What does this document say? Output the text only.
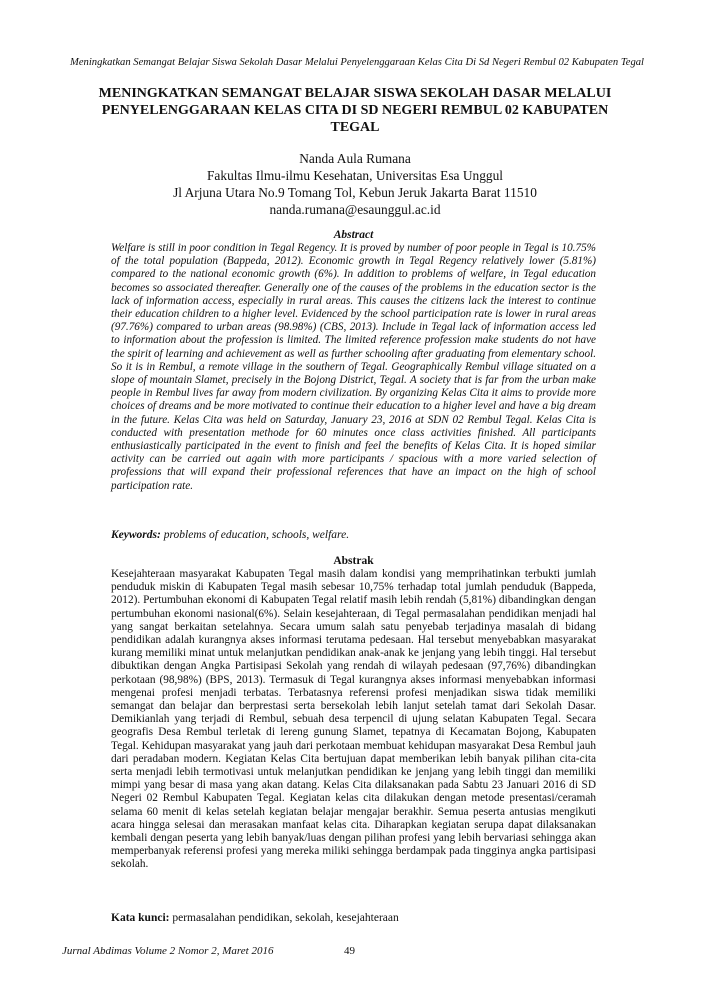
Meningkatkan Semangat Belajar Siswa Sekolah Dasar Melalui Penyelenggaraan Kelas Cita Di Sd Negeri Rembul 02 Kabupaten Tegal
MENINGKATKAN SEMANGAT BELAJAR SISWA SEKOLAH DASAR MELALUI PENYELENGGARAAN KELAS CITA DI SD NEGERI REMBUL 02 KABUPATEN TEGAL
Nanda Aula Rumana
Fakultas Ilmu-ilmu Kesehatan, Universitas Esa Unggul
Jl Arjuna Utara No.9 Tomang Tol, Kebun Jeruk Jakarta Barat 11510
nanda.rumana@esaunggul.ac.id
Abstract

Welfare is still in poor condition in Tegal Regency. It is proved by number of poor people in Tegal is 10.75% of the total population (Bappeda, 2012). Economic growth in Tegal Regency relatively lower (5.81%) compared to the national economic growth (6%). In addition to problems of welfare, in Tegal education becomes so associated thereafter. Generally one of the causes of the problems in the education sector is the lack of information access, especially in rural areas. This causes the citizens lack the interest to continue their education children to a higher level. Evidenced by the school participation rate is lower in rural areas (97.76%) compared to urban areas (98.98%) (CBS, 2013). Include in Tegal lack of information access led to information about the profession is limited. The limited reference profession make students do not have the spirit of learning and achievement as well as further schooling after graduating from elementary school. So it is in Rembul, a remote village in the southern of Tegal. Geographically Rembul village situated on a slope of mountain Slamet, precisely in the Bojong District, Tegal. A society that is far from the urban make people in Rembul lives far away from modern civilization. By organizing Kelas Cita it aims to provide more choices of dreams and be more motivated to continue their education to a higher level and have a big dream in the future. Kelas Cita was held on Saturday, January 23, 2016 at SDN 02 Rembul Tegal. Kelas Cita is conducted with presentation methode for 60 minutes once class activities finished. All participants enthusiastically participated in the event to finish and feel the benefits of Kelas Cita. It is hoped similar activity can be carried out again with more participants / spacious with a more varied selection of professions that will expand their professional references that have an impact on the high of school participation rate.

Keywords: problems of education, schools, welfare.
Abstrak

Kesejahteraan masyarakat Kabupaten Tegal masih dalam kondisi yang memprihatinkan terbukti jumlah penduduk miskin di Kabupaten Tegal masih sebesar 10,75% terhadap total jumlah penduduk (Bappeda, 2012). Pertumbuhan ekonomi di Kabupaten Tegal relatif masih lebih rendah (5,81%) dibandingkan dengan pertumbuhan ekonomi nasional(6%). Selain kesejahteraan, di Tegal permasalahan pendidikan menjadi hal yang sangat berkaitan setelahnya. Secara umum salah satu penyebab terjadinya masalah di bidang pendidikan adalah kurangnya akses informasi terutama pedesaan. Hal tersebut menyebabkan masyarakat kurang memiliki minat untuk melanjutkan pendidikan anak-anak ke jenjang yang lebih tinggi. Hal tersebut dibuktikan dengan Angka Partisipasi Sekolah yang rendah di wilayah pedesaan (97,76%) dibandingkan perkotaan (98,98%) (BPS, 2013). Termasuk di Tegal kurangnya akses informasi menyebabkan informasi mengenai profesi menjadi terbatas. Terbatasnya referensi profesi menjadikan siswa tidak memiliki semangat dan belajar dan berprestasi serta bersekolah lebih lanjut setelah tamat dari Sekolah Dasar. Demikianlah yang terjadi di Rembul, sebuah desa terpencil di ujung selatan Kabupaten Tegal. Secara geografis Desa Rembul terletak di lereng gunung Slamet, tepatnya di Kecamatan Bojong, Kabupaten Tegal. Kehidupan masyarakat yang jauh dari perkotaan membuat kehidupan masyarakat Desa Rembul jauh dari peradaban modern. Kegiatan Kelas Cita bertujuan dapat memberikan lebih banyak pilihan cita-cita serta menjadi lebih termotivasi untuk melanjutkan pendidikan ke jenjang yang lebih tinggi dan memiliki mimpi yang besar di masa yang akan datang. Kelas Cita dilaksanakan pada Sabtu 23 Januari 2016 di SD Negeri 02 Rembul Kabupaten Tegal. Kegiatan kelas cita dilakukan dengan metode presentasi/ceramah selama 60 menit di kelas setelah kegiatan belajar mengajar berakhir. Semua peserta antusias mengikuti acara hingga selesai dan merasakan manfaat kelas cita. Diharapkan kegiatan serupa dapat dilaksanakan kembali dengan peserta yang lebih banyak/luas dengan pilihan profesi yang lebih bervariasi sehingga akan memperbanyak referensi profesi yang mereka miliki sehingga berdampak pada tingginya angka partisipasi sekolah.

Kata kunci: permasalahan pendidikan, sekolah, kesejahteraan
Jurnal Abdimas Volume 2 Nomor 2, Maret 2016	49
